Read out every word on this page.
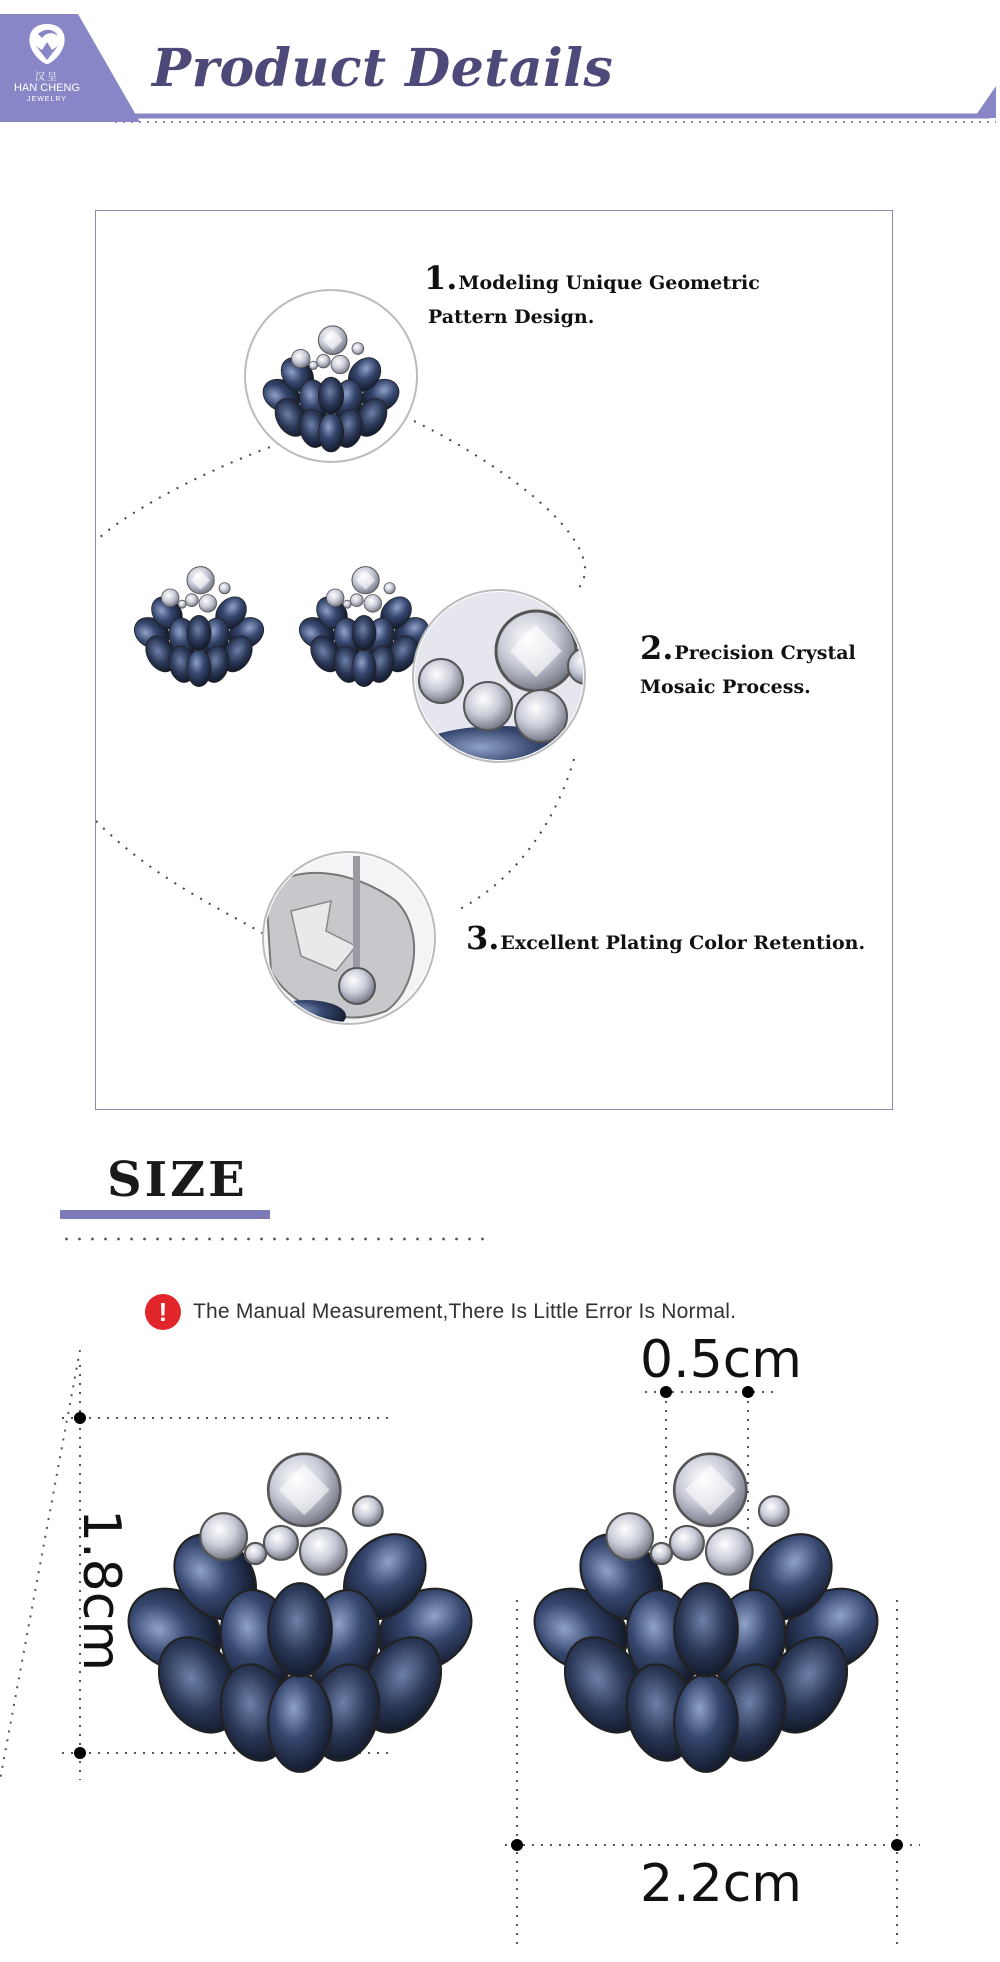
汉呈
HAN CHENG
JEWELRY
Product Details
1.Modeling Unique Geometric
Pattern Design.
2.Precision Crystal
Mosaic Process.
3.Excellent Plating Color Retention.
SIZE
!	The Manual Measurement,There Is Little Error Is Normal.
1.8cm
0.5cm
2.2cm
